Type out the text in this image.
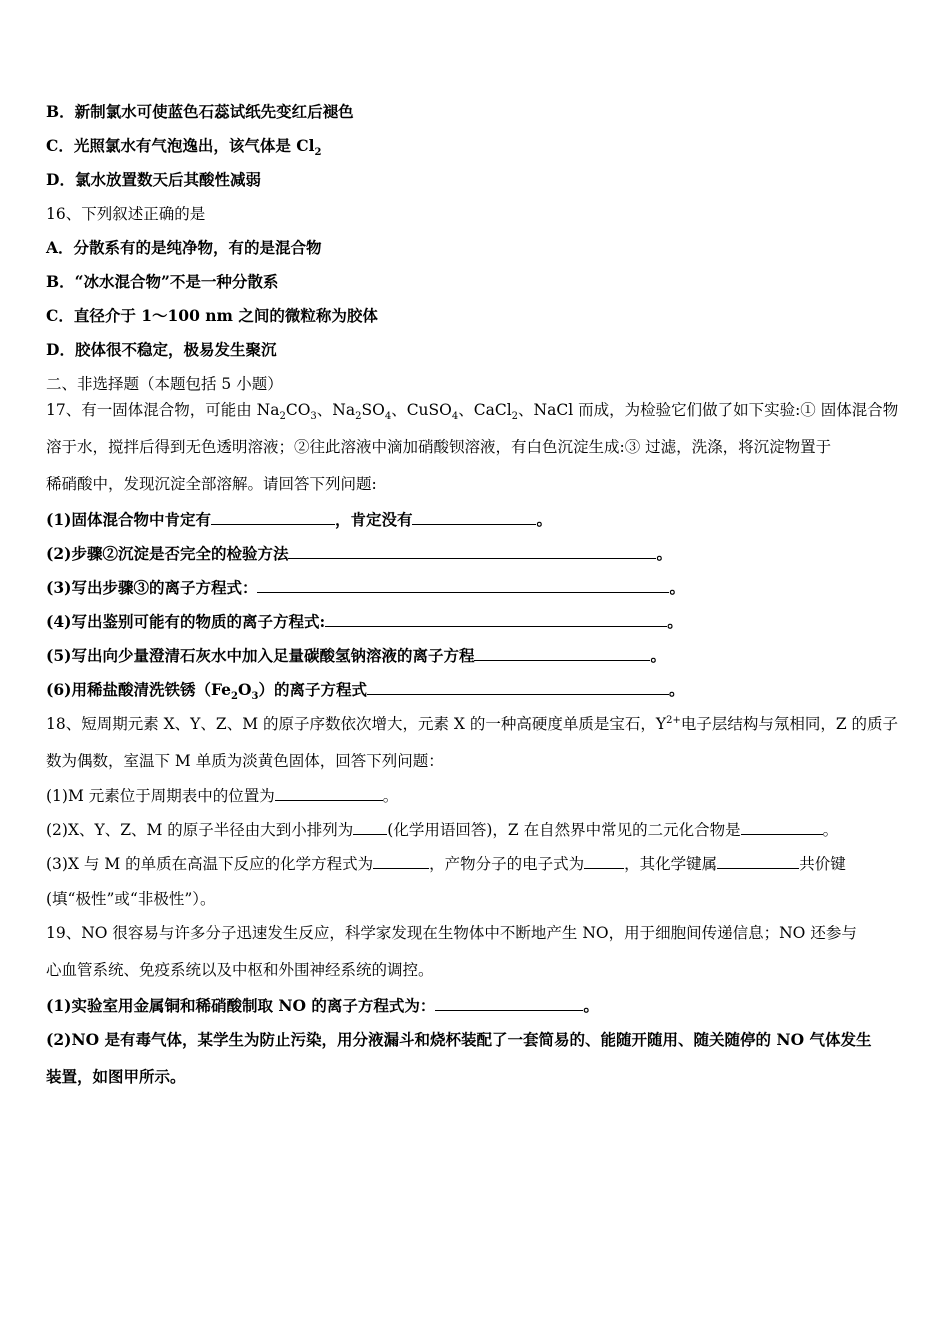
B．新制氯水可使蓝色石蕊试纸先变红后褪色
C．光照氯水有气泡逸出，该气体是 $Cl_2$
D．氯水放置数天后其酸性减弱
16、下列叙述正确的是
A．分散系有的是纯净物，有的是混合物
B．“冰水混合物”不是一种分散系
C．直径介于 1～100 nm 之间的微粒称为胶体
D．胶体很不稳定，极易发生聚沉
二、非选择题（本题包括 5 小题）
17、有一固体混合物，可能由 $Na_2CO_3$、$Na_2SO_4$、CuSO$_4$、CaCl$_2$、NaCl 而成，为检验它们做了如下实验:① 固体混合物
溶于水，搅拌后得到无色透明溶液；②往此溶液中滴加硝酸钡溶液，有白色沉淀生成:③ 过滤，洗涤，将沉淀物置于
稀硝酸中，发现沉淀全部溶解。请回答下列问题:
(1)固体混合物中肯定有	，肯定没有	。
(2)步骤②沉淀是否完全的检验方法	。
(3)写出步骤③的离子方程式：	。
(4)写出鉴别可能有的物质的离子方程式:	。
(5)写出向少量澄清石灰水中加入足量碳酸氢钠溶液的离子方程	。
(6)用稀盐酸清洗铁锈$(Fe_2O_3)$的离子方程式	。
18、短周期元素 X、Y、Z、M 的原子序数依次增大，元素 X 的一种高硬度单质是宝石，$Y^{2+}$电子层结构与氖相同，Z 的质子
数为偶数，室温下 M 单质为淡黄色固体，回答下列问题：
(1)M 元素位于周期表中的位置为	。
(2)X、Y、Z、M 的原子半径由大到小排列为 (化学用语回答)，Z 在自然界中常见的二元化合物是	。
(3)X 与 M 的单质在高温下反应的化学方程式为	，产物分子的电子式为	，其化学键属	共价键
(填“极性”或“非极性”）。
19、NO 很容易与许多分子迅速发生反应，科学家发现在生物体中不断地产生 NO，用于细胞间传递信息；NO 还参与
心血管系统、免疫系统以及中枢和外围神经系统的调控。
(1)实验室用金属铜和稀硝酸制取 NO 的离子方程式为：	。
(2)NO 是有毒气体，某学生为防止污染，用分液漏斗和烧杯装配了一套简易的、能随开随用、随关随停的 NO 气体发生
装置，如图甲所示。
